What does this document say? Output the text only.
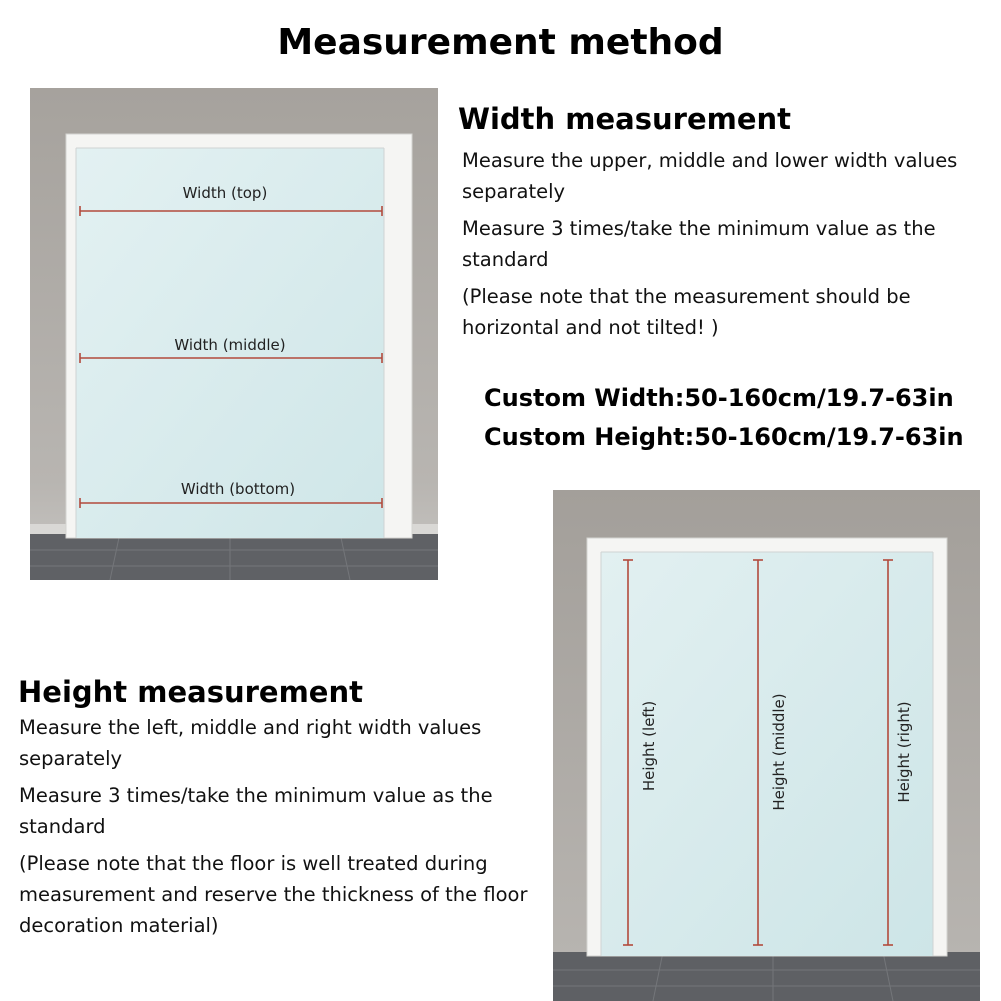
Measurement method
Width (top)
Width (middle)
Width (bottom)
Width measurement

Measure the upper, middle and lower width values separately

Measure 3 times/take the minimum value as the standard

(Please note that the measurement should be horizontal and not tilted! )

Custom Width:50-160cm/19.7-63in
Custom Height:50-160cm/19.7-63in
Height (left)	Height (middle)	Height (right)
Height measurement

Measure the left, middle and right width values separately

Measure 3 times/take the minimum value as the standard

(Please note that the floor is well treated during measurement and reserve the thickness of the floor decoration material)
